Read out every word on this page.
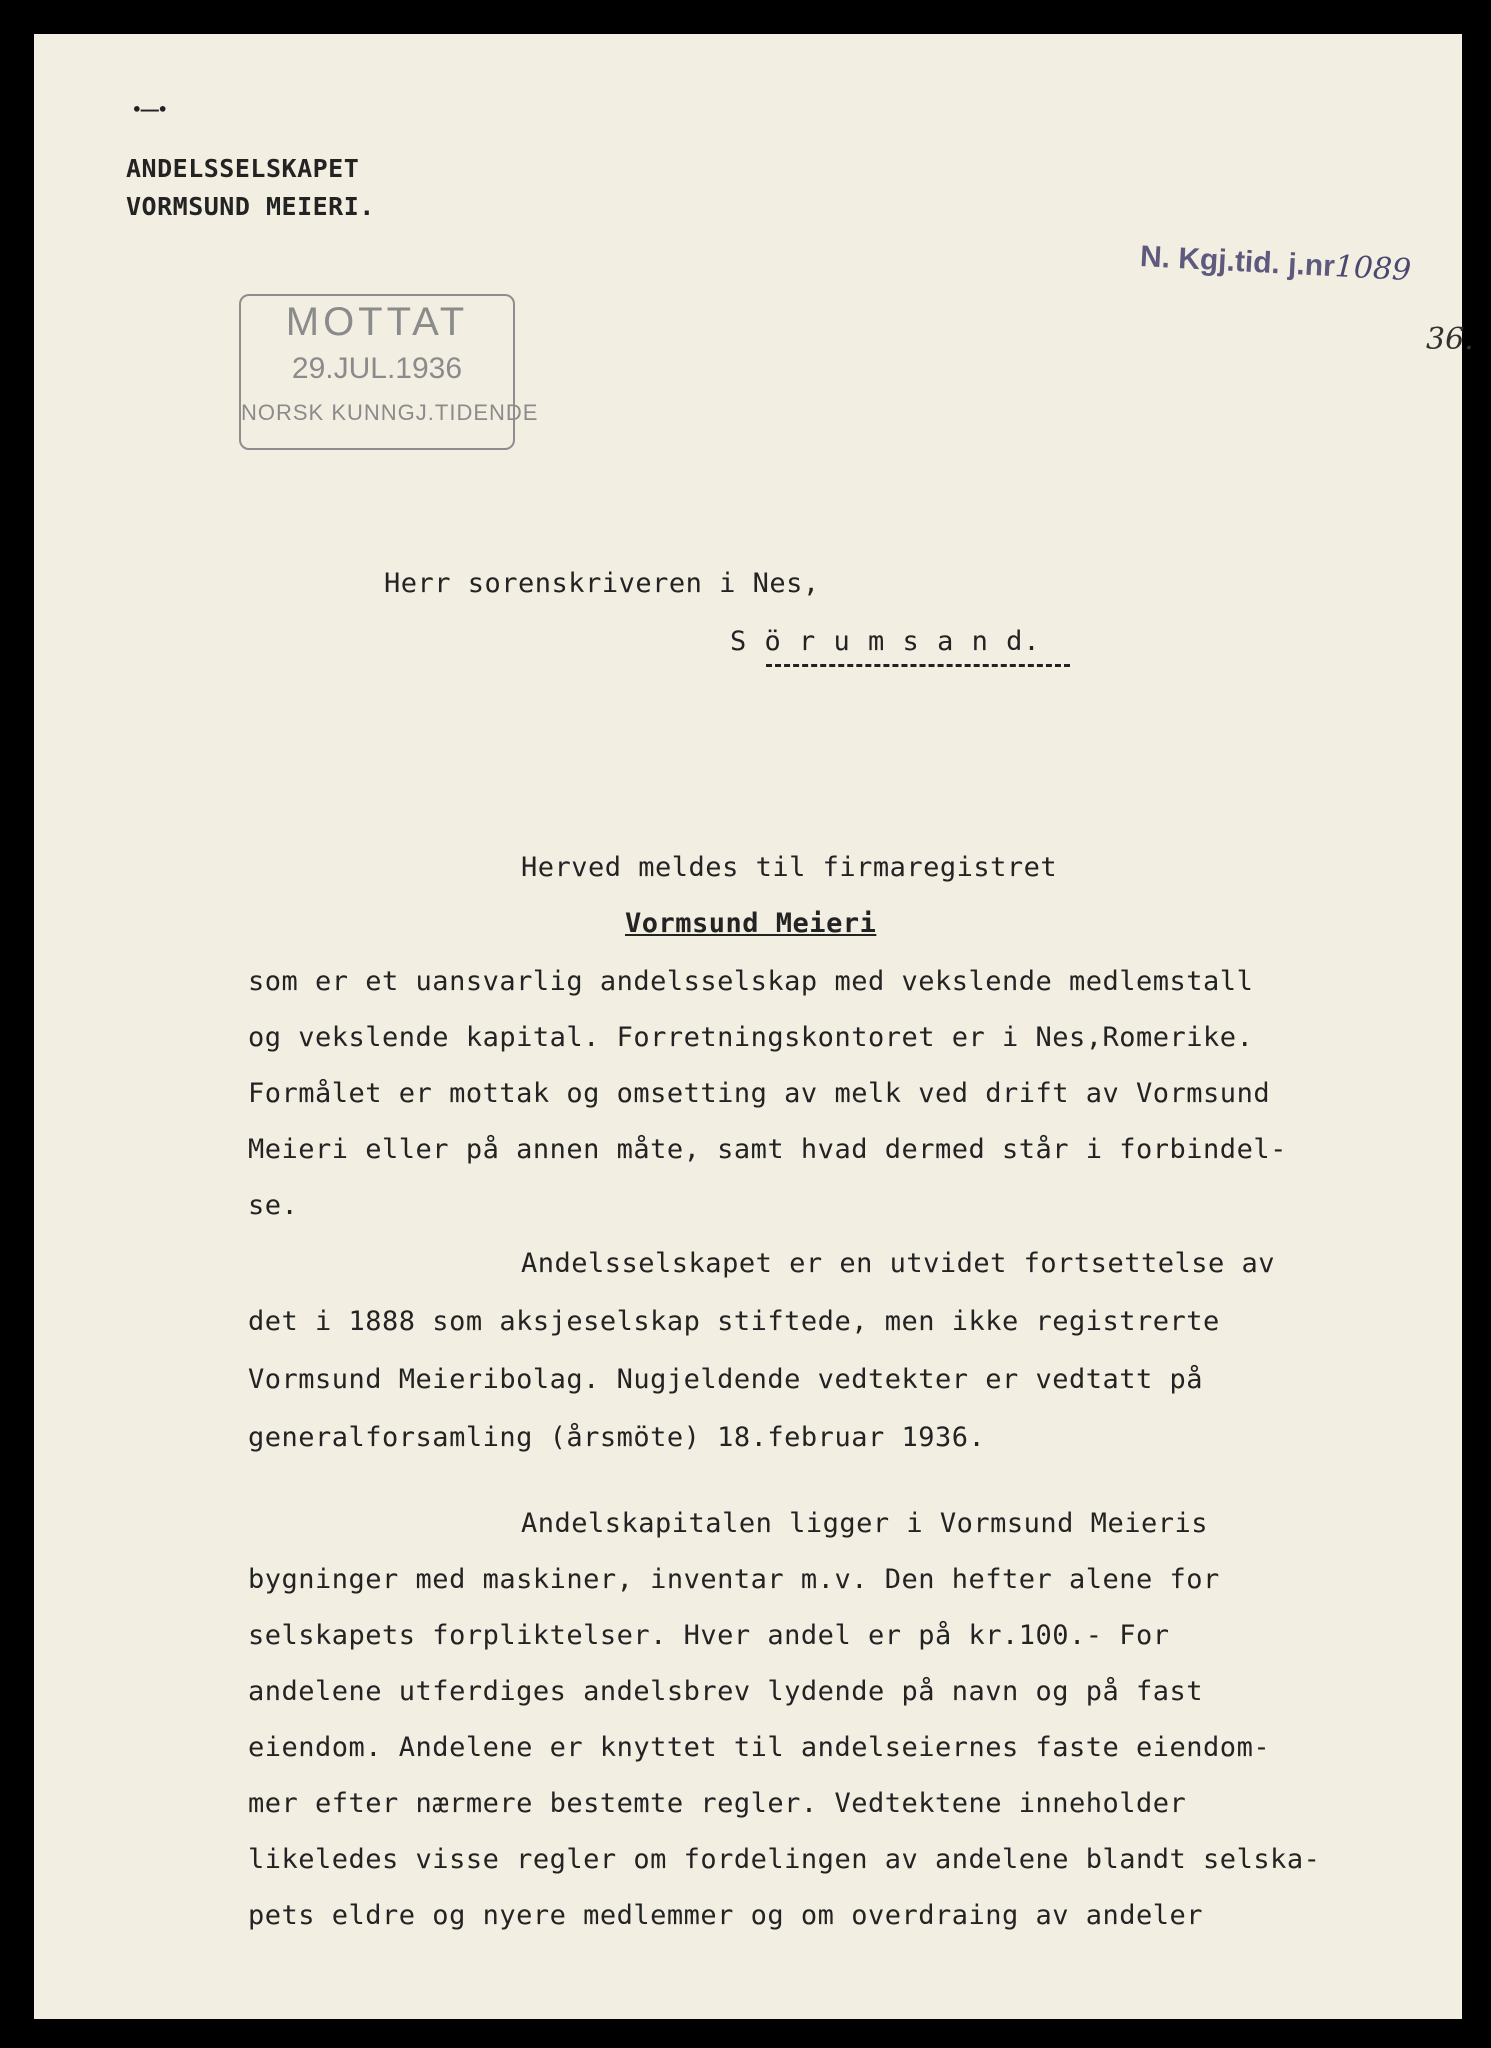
•——•
ANDELSSELSKAPET
VORMSUND MEIERI.
MOTTAT
29.JUL.1936
NORSK KUNNGJ.TIDENDE
N. Kgj.tid. j.nr1089
36.
Herr sorenskriveren i Nes,
S ö r u m s a n d.
Herved meldes til firmaregistret
Vormsund Meieri
som er et uansvarlig andelsselskap med vekslende medlemstall
og vekslende kapital. Forretningskontoret er i Nes,Romerike.
Formålet er mottak og omsetting av melk ved drift av Vormsund
Meieri eller på annen måte, samt hvad dermed står i forbindel-
se.
Andelsselskapet er en utvidet fortsettelse av
det i 1888 som aksjeselskap stiftede, men ikke registrerte
Vormsund Meieribolag. Nugjeldende vedtekter er vedtatt på
generalforsamling (årsmöte) 18.februar 1936.
Andelskapitalen ligger i Vormsund Meieris
bygninger med maskiner, inventar m.v. Den hefter alene for
selskapets forpliktelser. Hver andel er på kr.100.- For
andelene utferdiges andelsbrev lydende på navn og på fast
eiendom. Andelene er knyttet til andelseiernes faste eiendom-
mer efter nærmere bestemte regler. Vedtektene inneholder
likeledes visse regler om fordelingen av andelene blandt selska-
pets eldre og nyere medlemmer og om overdraing av andeler
